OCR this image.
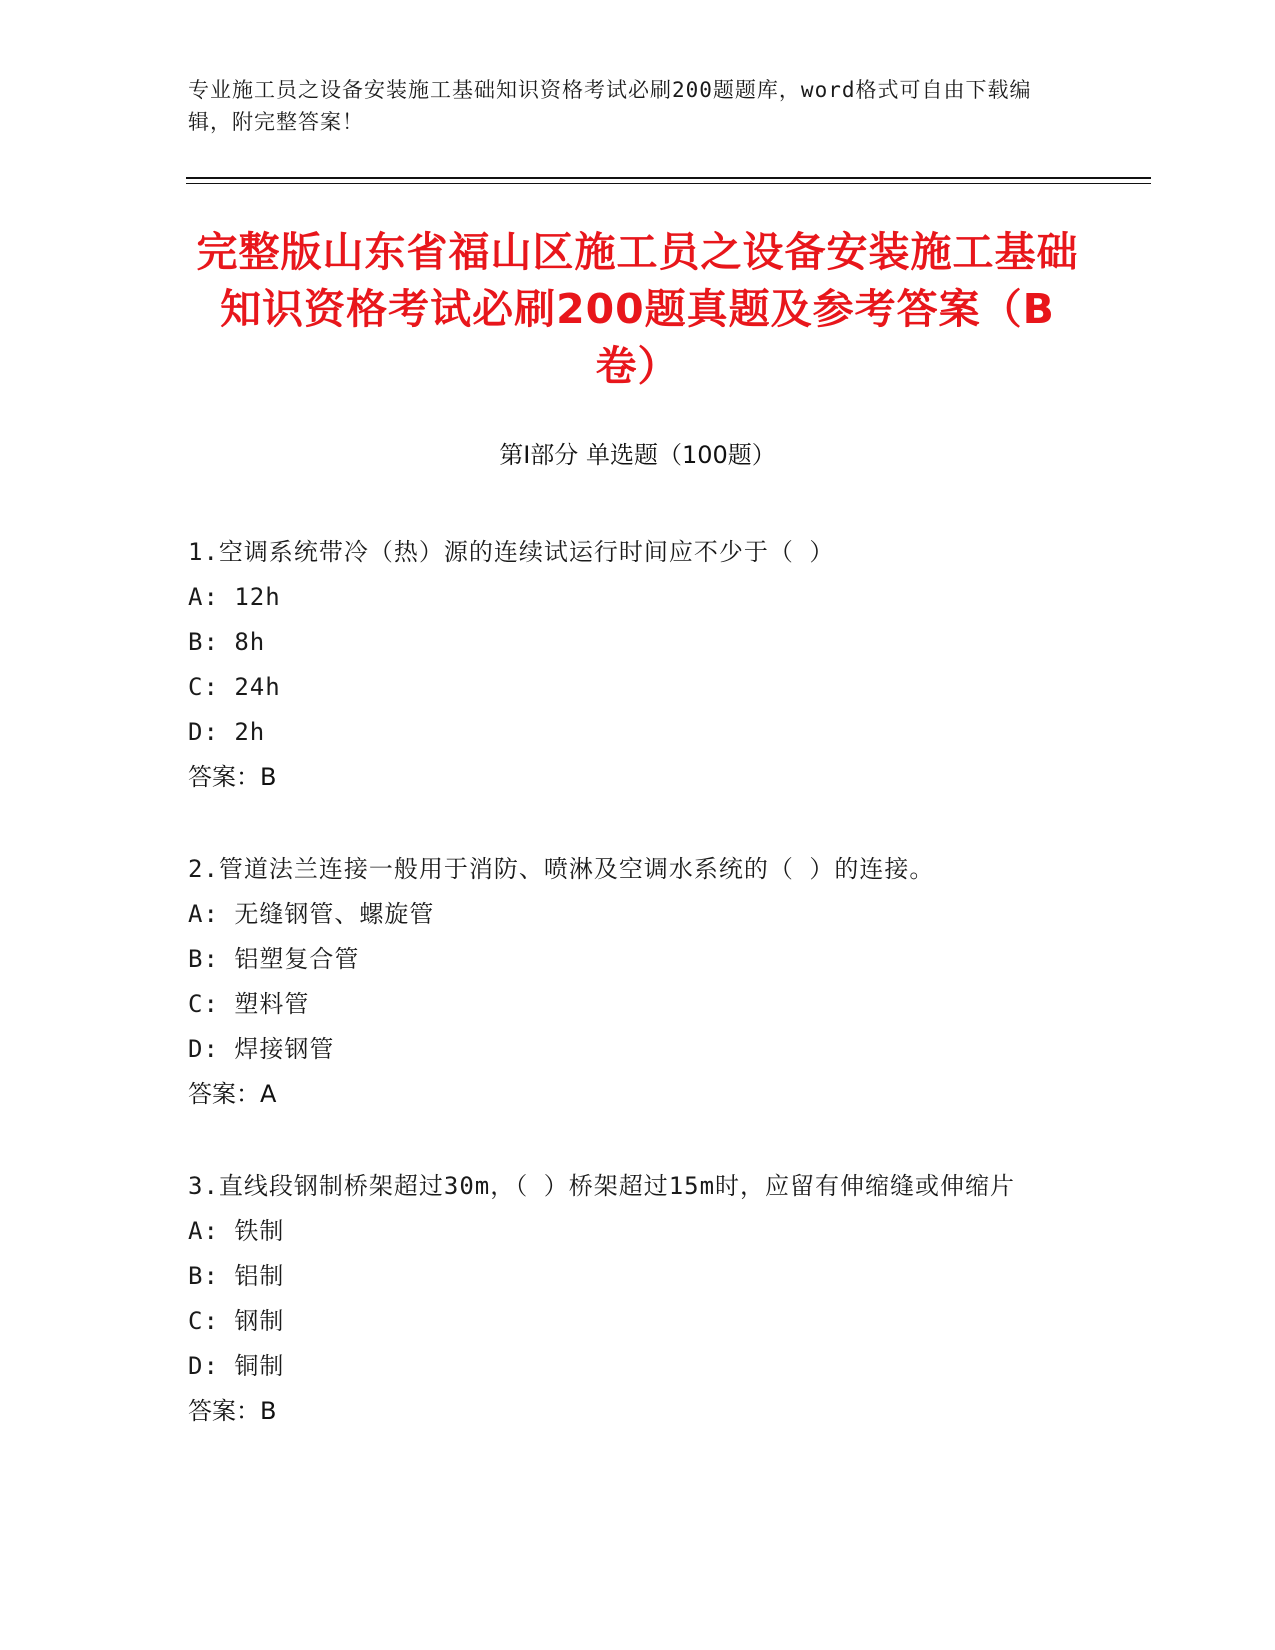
专业施工员之设备安装施工基础知识资格考试必刷200题题库，word格式可自由下载编辑，附完整答案！
完整版山东省福山区施工员之设备安装施工基础知识资格考试必刷200题真题及参考答案（B卷）
第I部分 单选题（100题）
1.空调系统带冷（热）源的连续试运行时间应不少于（ ）
A: 12h
B: 8h
C: 24h
D: 2h
答案：B
2.管道法兰连接一般用于消防、喷淋及空调水系统的（ ）的连接。
A: 无缝钢管、螺旋管
B: 铝塑复合管
C: 塑料管
D: 焊接钢管
答案：A
3.直线段钢制桥架超过30m，（ ）桥架超过15m时，应留有伸缩缝或伸缩片
A: 铁制
B: 铝制
C: 钢制
D: 铜制
答案：B
